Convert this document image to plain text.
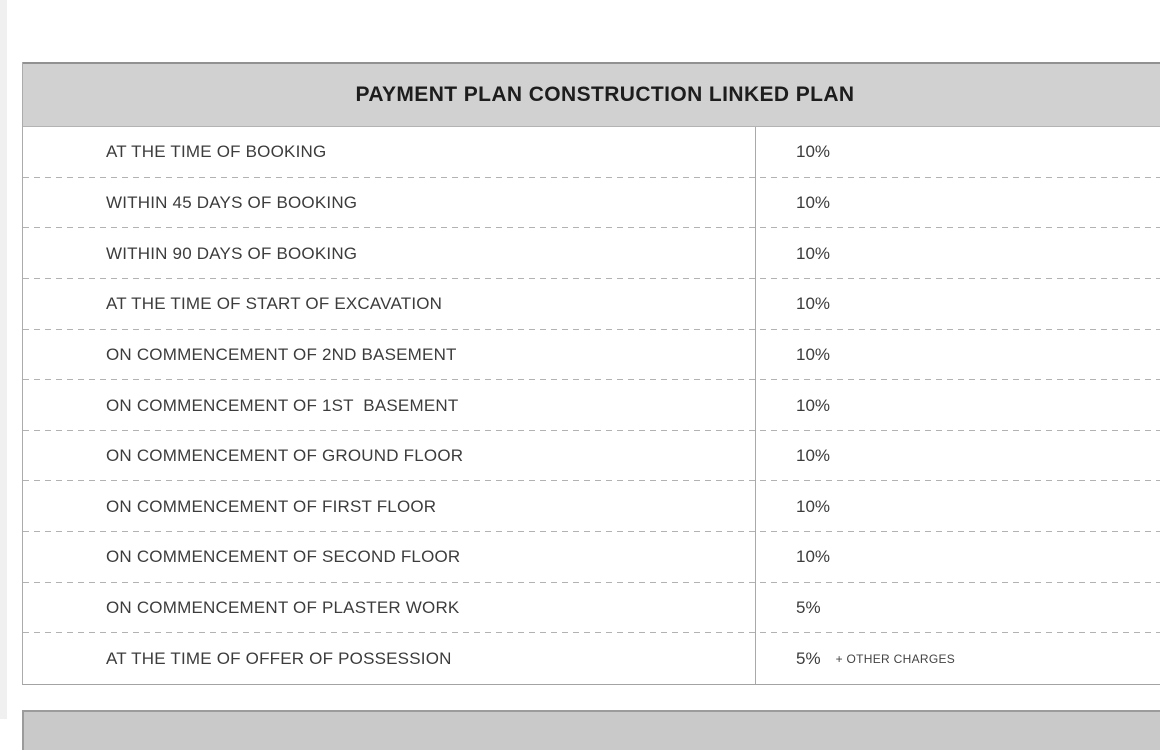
PAYMENT PLAN CONSTRUCTION LINKED PLAN
AT THE TIME OF BOOKING	10%
WITHIN 45 DAYS OF BOOKING	10%
WITHIN 90 DAYS OF BOOKING	10%
AT THE TIME OF START OF EXCAVATION	10%
ON COMMENCEMENT OF 2ND BASEMENT	10%
ON COMMENCEMENT OF 1ST  BASEMENT	10%
ON COMMENCEMENT OF GROUND FLOOR	10%
ON COMMENCEMENT OF FIRST FLOOR	10%
ON COMMENCEMENT OF SECOND FLOOR	10%
ON COMMENCEMENT OF PLASTER WORK	5%
AT THE TIME OF OFFER OF POSSESSION	5% + OTHER CHARGES
